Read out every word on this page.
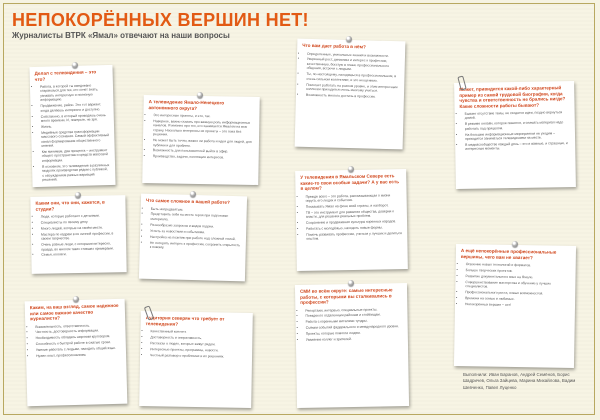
НЕПОКОРЁННЫХ ВЕРШИН НЕТ!
Журналисты ВТРК «Ямал» отвечают на наши вопросы
Делал с телевидения – это что?
• Работа, в которой ты ежедневно стараешься для тех, кто хочет знать, узнавать интересную и полезную информацию.
• Продвижение, район. Это тот вариант, когда делаешь интересно и доступно.
• Собственно, в который проводишь очень много времени. И, поверьте, не зря.
• Жизнь.
• Медийные средства трансформации массового сознания. Самый эффективный канал формирования общественного мнения.
• Как минимум, два процента – инструмент общего пространства и средств массовой информации.
• В основном, это телевидение в различных модулях производства рядом с публикой, с обсуждением разных вариаций решений.
А телевидение Ямало-Ненецкого автономного округа?
• Это интересные проекты, и это, так.
• Наверное, важно сказать про важную роль информационных каналов. Я именно про тех, кто занимается Ямалом на всю страну. Насколько интересны их проекты – это пока без решения.
• Не может быть точно, важно ли работа и идея для людей, для публики и для проблем.
• Возможность для пользователей выйти в эфир.
• Производство, задачи, коллекция интересов.
Что вам дает работа в нём?
• Определенные, уникальные знания и возможности.
• Уверенный рост, динамика и интерес к профессии, качественную, богатую в плане профессионального общения, встречи с людьми.
• Ты, по-настоящему, находишься в профессиональном, в очень сильном коллективе, и это неоценимо.
• Помогает работать на разном уровне, и этим интересным коллегам приходится очень многому учиться.
• Возможность многого достичь в профессии.
Может, привидится какой-либо характерный пример из самой трудовой биографии, когда чувства и ответственность не брались нигде? Какие сложности работы бывают?
• Бывает отсутствие темы, не сходятся идеи, поздно вернуться домой.
• В режиме онлайн, которое пишется, и снимать материал надо работать под прицелом.
• На большие информационные мероприятия не уходим – приходится заниматься телевидением на месте.
• В медиасообществе каждый день – это и важные, и страшные, и интересные моменты.
Каким они, что они, кажется, в студии?
• Люди, которые работают с деталями.
• Специалисты по своему делу.
• Много людей, которые на своём месте.
• Мастера по кадрам в их личной профессии, в своем творчестве.
• Очень разные люди, с которыми интересно, правда, во многом таких ставших примерами.
• Семья, коллеги.
Что самое сложное в вашей работе?
• Быть непредвзятым.
• Представить себя на месте героя при подготовке материала.
• Разнообразие запросов и видов подачи.
• Успеть за новостями и событиями.
• Настройка на позитив при работе над сложной темой.
• Не потерять интерес к профессии, сохранить открытость к новому.
У телевидения в Ямальском Севере есть какие-то свои особые задачи? А у вас есть в целом?
• Прежде всего – это работа, рассказывающая о жизни округа, его людях и событиях.
• Показывать Ямал на фоне всей страны, и наоборот.
• ТВ – это инструмент для развития общества, доверия к власти, для решения реальных проблем.
• Сохранение и продвижение культуры коренных народов.
• Работать с молодёжью, находить новые формы.
• Помочь развивать профессию, учиться у лучших и делиться опытом.
Каким, на ваш взгляд, самое надежное или самое важное качество журналиста?
• Внимательность, ответственность.
• Честность, достоверность информации.
• Необходимость обладать широким кругозором.
• Способность к быстрой работе в сжатые сроки.
• Умение работать с людьми, находить общий язык.
• Нужен опыт, профессионализм.
Аудитория северян что требует от телевидения?
• Качественный контент.
• Достоверность и оперативность.
• Рассказы о людях, которые живут рядом.
• Интересные проекты, программы, новости.
• Честный разговор о проблемах и их решениях.
СМИ во всём округе: самые интересные работы, с которыми вы сталкивались в профессии?
• Репортажи, интервью, специальные проекты.
• Поездки по отдаленным районам и стойбищам.
• Работа с коренными жителями тундры.
• Съёмки событий федерального и международного уровня.
• Проекты, которые помогли людям.
• Уважение коллег и зрителей.
А ещё непокорённые профессиональные вершины, чего вам не хватает?
• Освоение новых технологий и форматов.
• Больше творческих проектов.
• Развитие документального кино на Ямале.
• Совершенствование мастерства и обучение у лучших специалистов.
• Профессионального роста, новых возможностей.
• Времени на семью и любимых.
• Непокорённых вершин – нет!
Выполнили: Иван Баранов, Андрей Семёнов, Борис Шадричев, Ольга Зайцева, Марина Михайлова, Вадим Шевченко, Павел Луценко
